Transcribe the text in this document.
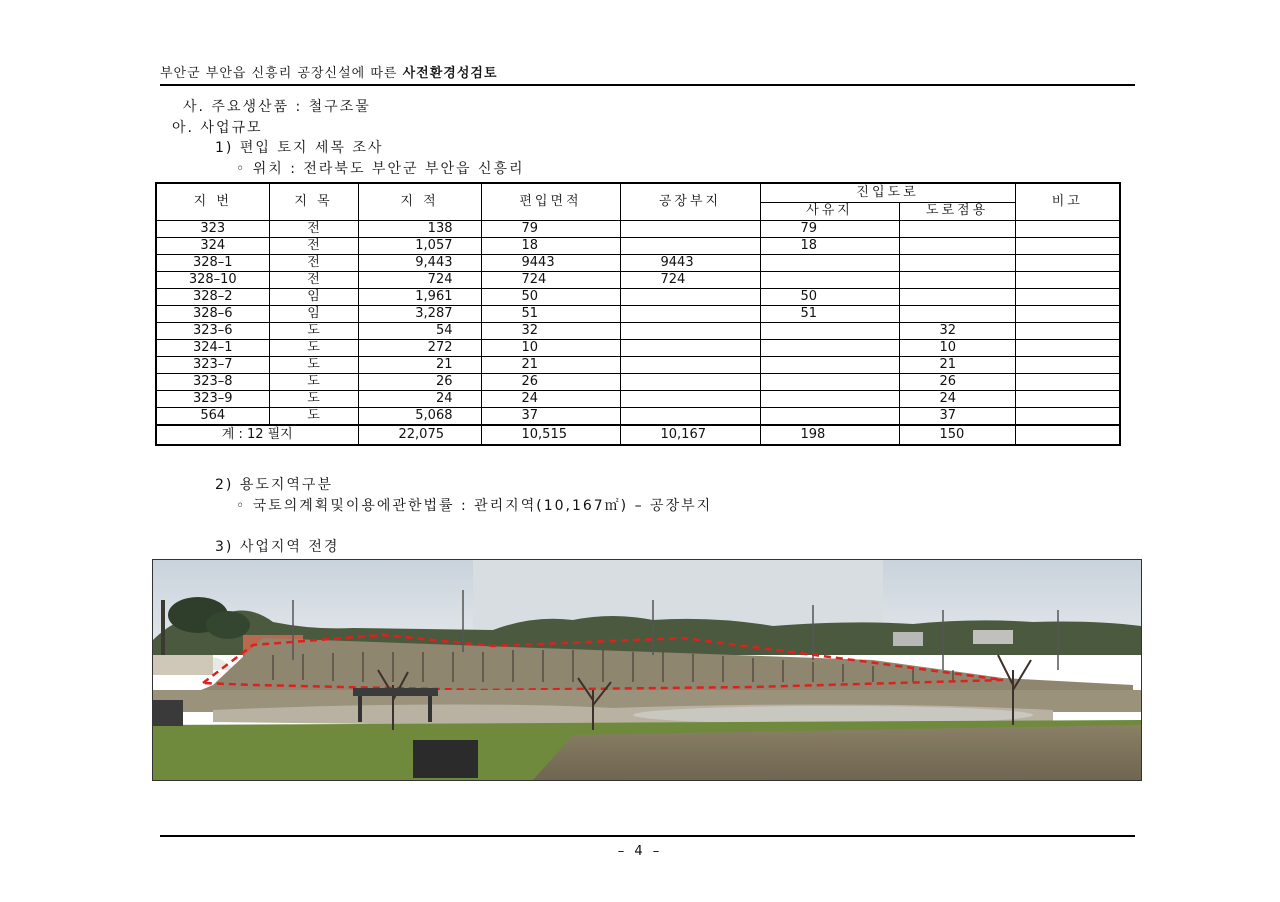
부안군 부안읍 신흥리 공장신설에 따른 사전환경성검토
사. 주요생산품 : 철구조물
아. 사업규모
1) 편입 토지 세목 조사
◦ 위치 : 전라북도 부안군 부안읍 신흥리
지 번	지 목	지 적	편입면적	공장부지	진입도로		비고
					사유지	도로점용	
323	전	138	79		79		
324	전	1,057	18		18		
328–1	전	9,443	9443	9443			
328–10	전	724	724	724			
328–2	임	1,961	50		50		
328–6	임	3,287	51		51		
323–6	도	54	32			32	
324–1	도	272	10			10	
323–7	도	21	21			21	
323–8	도	26	26			26	
323–9	도	24	24			24	
564	도	5,068	37			37	
계 : 12 필지		22,075	10,515	10,167	198	150	
2) 용도지역구분
◦ 국토의계획및이용에관한법률 : 관리지역(10,167㎡) – 공장부지
3) 사업지역 전경
– 4 –
